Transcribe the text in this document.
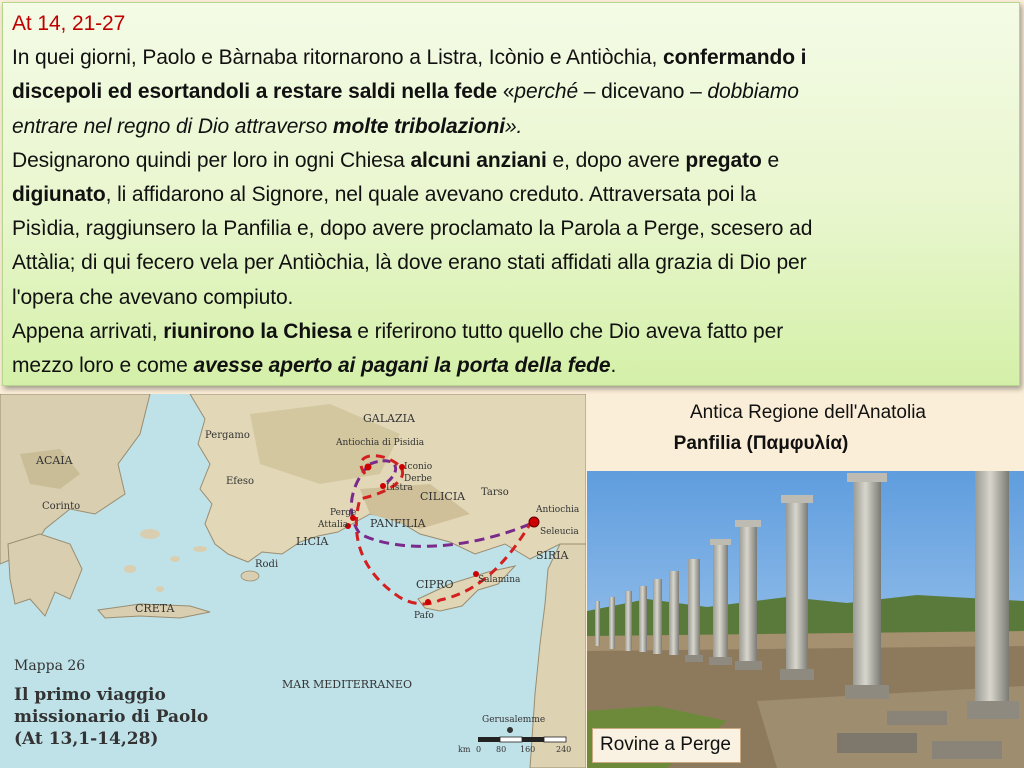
At 14, 21-27
In quei giorni, Paolo e Bàrnaba ritornarono a Listra, Icònio e Antiòchia, confermando i
discepoli ed esortandoli a restare saldi nella fede «perché – dicevano – dobbiamo
entrare nel regno di Dio attraverso molte tribolazioni».
Designarono quindi per loro in ogni Chiesa alcuni anziani e, dopo avere pregato e
digiunato, li affidarono al Signore, nel quale avevano creduto. Attraversata poi la
Pisìdia, raggiunsero la Panfilia e, dopo avere proclamato la Parola a Perge, scesero ad
Attàlia; di qui fecero vela per Antiòchia, là dove erano stati affidati alla grazia di Dio per
l'opera che avevano compiuto.
Appena arrivati, riunirono la Chiesa e riferirono tutto quello che Dio aveva fatto per
mezzo loro e come avesse aperto ai pagani la porta della fede.
GALAZIA
Pergamo
ACAIA
Efeso
Corinto
Antiochia di Pisidia
Iconio
Derbe
Listra
CILICIA Tarso
Perge
Attalia PANFILIA
LICIA
Antiochia
Seleucia
SIRIA
Rodi
CRETA
CIPRO	Salamina
Pafo
MAR MEDITERRANEO
Gerusalemme
Mappa 26
Il primo viaggio
missionario di Paolo
(At 13,1-14,28)
km 0 80 160	240
Antica Regione dell'Anatolia
Panfilia (Παμφυλία)
Rovine a Perge
